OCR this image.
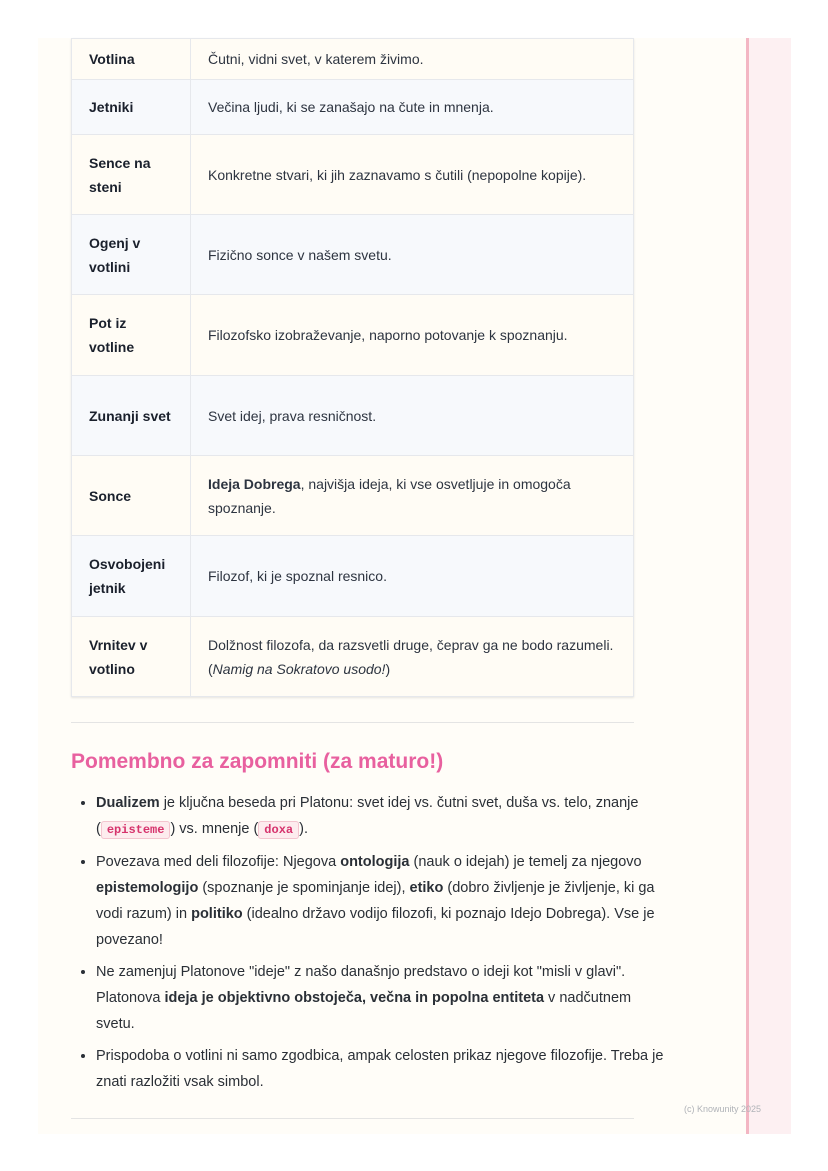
Votlina	Čutni, vidni svet, v katerem živimo.
Jetniki	Večina ljudi, ki se zanašajo na čute in mnenja.
Sence na steni	Konkretne stvari, ki jih zaznavamo s čutili (nepopolne kopije).
Ogenj v votlini	Fizično sonce v našem svetu.
Pot iz votline	Filozofsko izobraževanje, naporno potovanje k spoznanju.
Zunanji svet	Svet idej, prava resničnost.
Sonce	Ideja Dobrega, najvišja ideja, ki vse osvetljuje in omogoča spoznanje.
Osvobojeni jetnik	Filozof, ki je spoznal resnico.
Vrnitev v votlino	Dolžnost filozofa, da razsvetli druge, čeprav ga ne bodo razumeli. (Namig na Sokratovo usodo!)
Pomembno za zapomniti (za maturo!)
• Dualizem je ključna beseda pri Platonu: svet idej vs. čutni svet, duša vs. telo, znanje ( episteme ) vs. mnenje ( doxa ).
• Povezava med deli filozofije: Njegova ontologija (nauk o idejah) je temelj za njegovo epistemologijo (spoznanje je spominjanje idej), etiko (dobro življenje je življenje, ki ga vodi razum) in politiko (idealno državo vodijo filozofi, ki poznajo Idejo Dobrega). Vse je povezano!
• Ne zamenjuj Platonove "ideje" z našo današnjo predstavo o ideji kot "misli v glavi". Platonova ideja je objektivno obstoječa, večna in popolna entiteta v nadčutnem svetu.
• Prispodoba o votlini ni samo zgodbica, ampak celosten prikaz njegove filozofije. Treba je znati razložiti vsak simbol.
(c) Knowunity 2025
